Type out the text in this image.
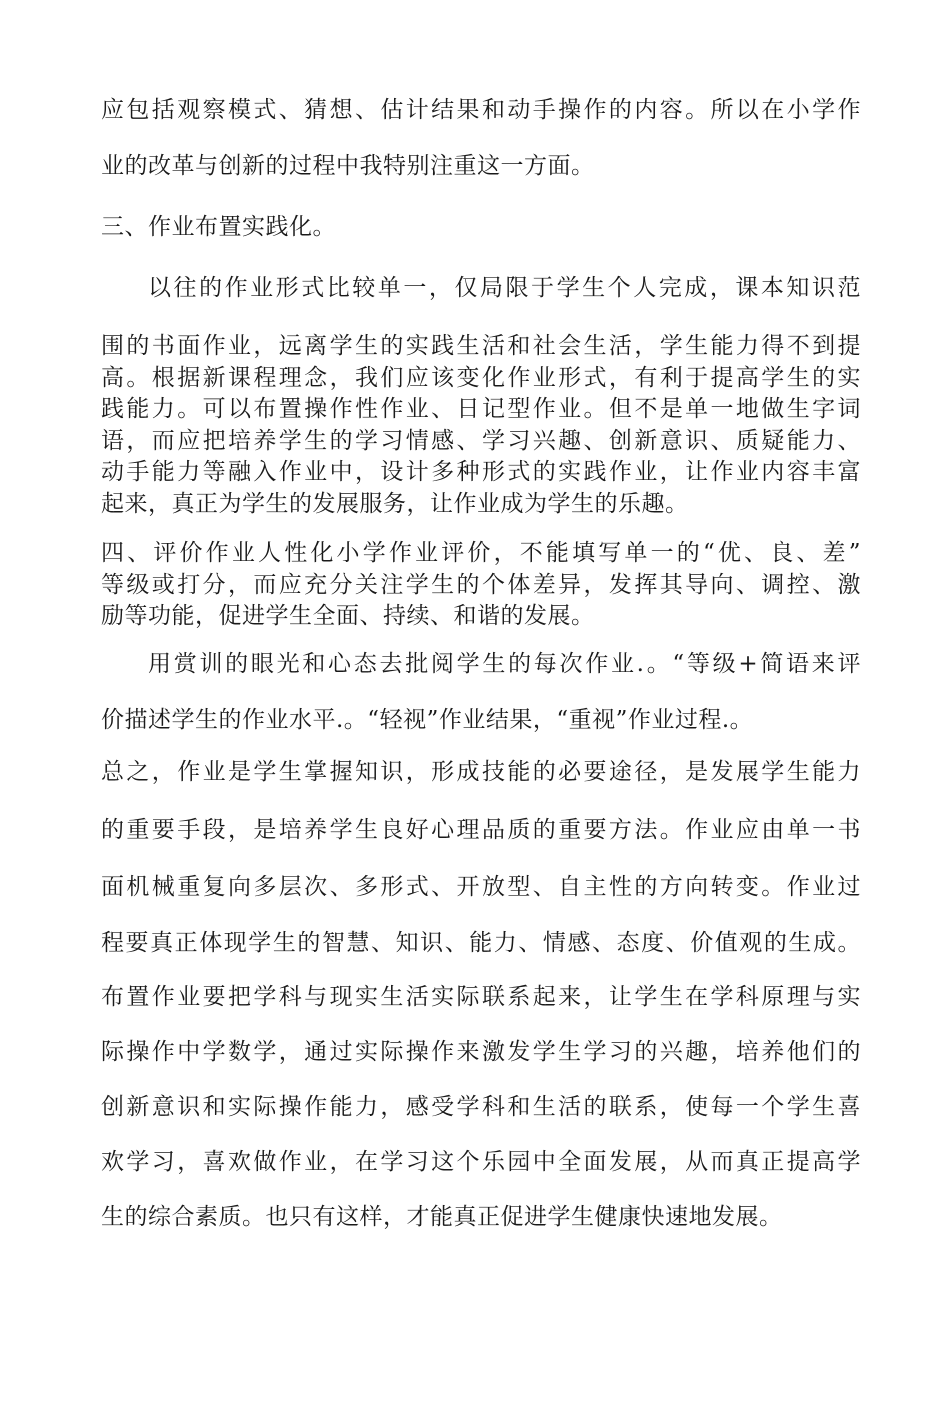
应包括观察模式、猜想、估计结果和动手操作的内容。所以在小学作
业的改革与创新的过程中我特别注重这一方面。
三、作业布置实践化。
以往的作业形式比较单一，仅局限于学生个人完成，课本知识范
围的书面作业，远离学生的实践生活和社会生活，学生能力得不到提
高。根据新课程理念，我们应该变化作业形式，有利于提高学生的实
践能力。可以布置操作性作业、日记型作业。但不是单一地做生字词
语，而应把培养学生的学习情感、学习兴趣、创新意识、质疑能力、
动手能力等融入作业中，设计多种形式的实践作业，让作业内容丰富
起来，真正为学生的发展服务，让作业成为学生的乐趣。
四、评价作业人性化小学作业评价，不能填写单一的“优、良、差”
等级或打分，而应充分关注学生的个体差异，发挥其导向、调控、激
励等功能，促进学生全面、持续、和谐的发展。
用赏训的眼光和心态去批阅学生的每次作业.。“等级+简语来评
价描述学生的作业水平.。“轻视”作业结果，“重视”作业过程.。
总之，作业是学生掌握知识，形成技能的必要途径，是发展学生能力
的重要手段，是培养学生良好心理品质的重要方法。作业应由单一书
面机械重复向多层次、多形式、开放型、自主性的方向转变。作业过
程要真正体现学生的智慧、知识、能力、情感、态度、价值观的生成。
布置作业要把学科与现实生活实际联系起来，让学生在学科原理与实
际操作中学数学，通过实际操作来激发学生学习的兴趣，培养他们的
创新意识和实际操作能力，感受学科和生活的联系，使每一个学生喜
欢学习，喜欢做作业，在学习这个乐园中全面发展，从而真正提高学
生的综合素质。也只有这样，才能真正促进学生健康快速地发展。
